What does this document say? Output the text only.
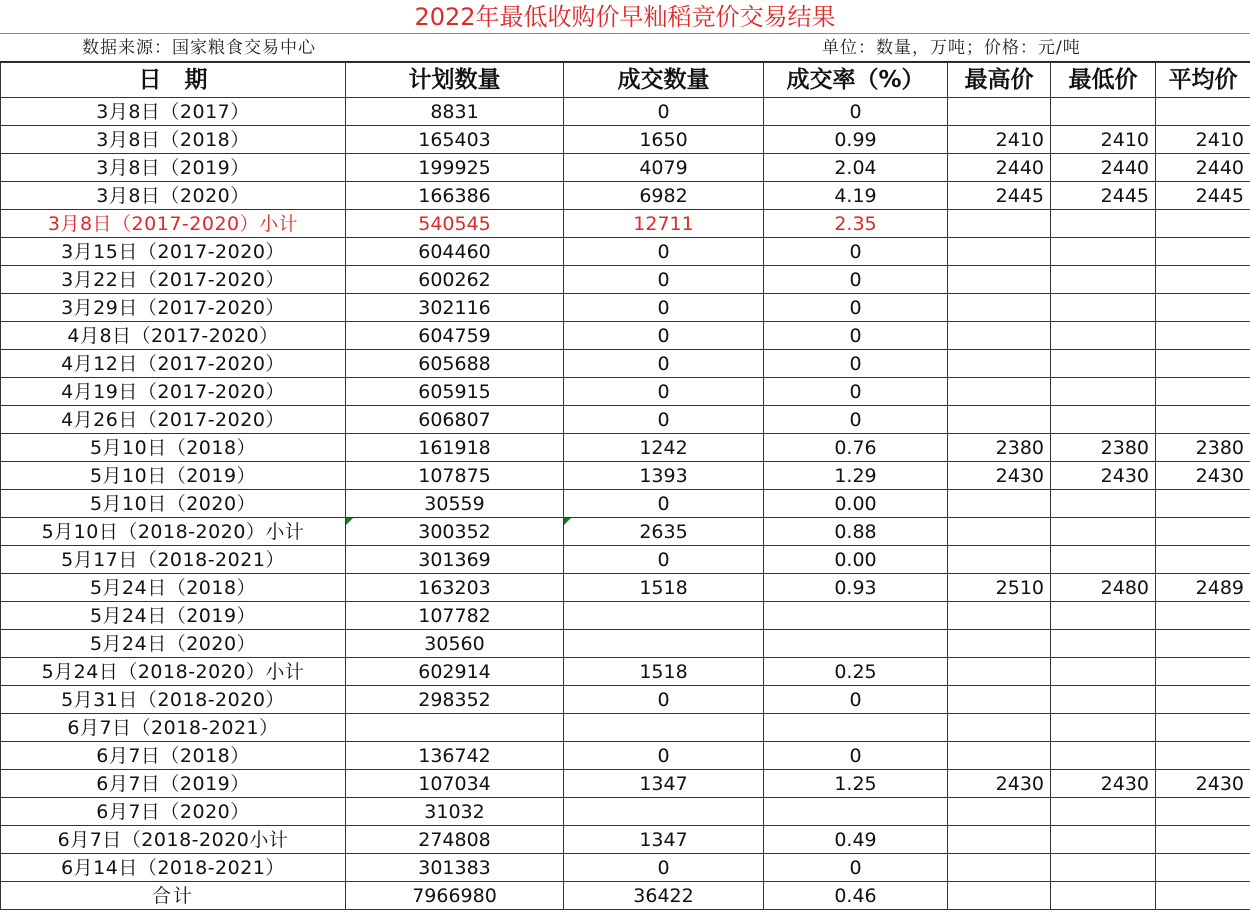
2022年最低收购价早籼稻竞价交易结果
数据来源：国家粮食交易中心	单位：数量，万吨；价格：元/吨
日　期	计划数量	成交数量	成交率（%）	最高价	最低价	平均价
3月8日（2017）	8831	0	0			
3月8日（2018）	165403	1650	0.99	2410	2410	2410
3月8日（2019）	199925	4079	2.04	2440	2440	2440
3月8日（2020）	166386	6982	4.19	2445	2445	2445
3月8日（2017-2020）小计	540545	12711	2.35			
3月15日（2017-2020）	604460	0	0			
3月22日（2017-2020）	600262	0	0			
3月29日（2017-2020）	302116	0	0			
4月8日（2017-2020）	604759	0	0			
4月12日（2017-2020）	605688	0	0			
4月19日（2017-2020）	605915	0	0			
4月26日（2017-2020）	606807	0	0			
5月10日（2018）	161918	1242	0.76	2380	2380	2380
5月10日（2019）	107875	1393	1.29	2430	2430	2430
5月10日（2020）	30559	0	0.00			
5月10日（2018-2020）小计	300352	2635	0.88			
5月17日（2018-2021）	301369	0	0.00			
5月24日（2018）	163203	1518	0.93	2510	2480	2489
5月24日（2019）	107782					
5月24日（2020）	30560					
5月24日（2018-2020）小计	602914	1518	0.25			
5月31日（2018-2020）	298352	0	0			
6月7日（2018-2021）						
6月7日（2018）	136742	0	0			
6月7日（2019）	107034	1347	1.25	2430	2430	2430
6月7日（2020）	31032					
6月7日（2018-2020小计	274808	1347	0.49			
6月14日（2018-2021）	301383	0	0			
合计	7966980	36422	0.46			
